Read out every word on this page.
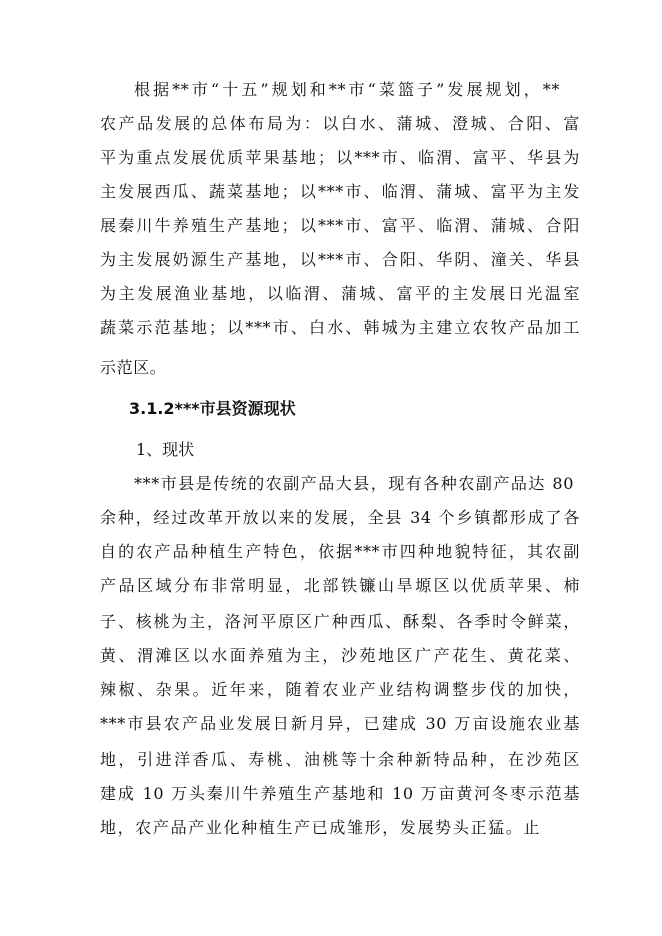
根据**市“十五”规划和**市“菜篮子”发展规划，**
农产品发展的总体布局为：以白水、蒲城、澄城、合阳、富
平为重点发展优质苹果基地；以***市、临渭、富平、华县为
主发展西瓜、蔬菜基地；以***市、临渭、蒲城、富平为主发
展秦川牛养殖生产基地；以***市、富平、临渭、蒲城、合阳
为主发展奶源生产基地，以***市、合阳、华阴、潼关、华县
为主发展渔业基地，以临渭、蒲城、富平的主发展日光温室
蔬菜示范基地；以***市、白水、韩城为主建立农牧产品加工
示范区。
3.1.2***市县资源现状
1、现状
***市县是传统的农副产品大县，现有各种农副产品达 80
余种，经过改革开放以来的发展，全县 34 个乡镇都形成了各
自的农产品种植生产特色，依据***市四种地貌特征，其农副
产品区域分布非常明显，北部铁镰山旱塬区以优质苹果、柿
子、核桃为主，洛河平原区广种西瓜、酥梨、各季时令鲜菜，
黄、渭滩区以水面养殖为主，沙苑地区广产花生、黄花菜、
辣椒、杂果。近年来，随着农业产业结构调整步伐的加快，
***市县农产品业发展日新月异，已建成 30 万亩设施农业基
地，引进洋香瓜、寿桃、油桃等十余种新特品种，在沙苑区
建成 10 万头秦川牛养殖生产基地和 10 万亩黄河冬枣示范基
地，农产品产业化种植生产已成雏形，发展势头正猛。止
